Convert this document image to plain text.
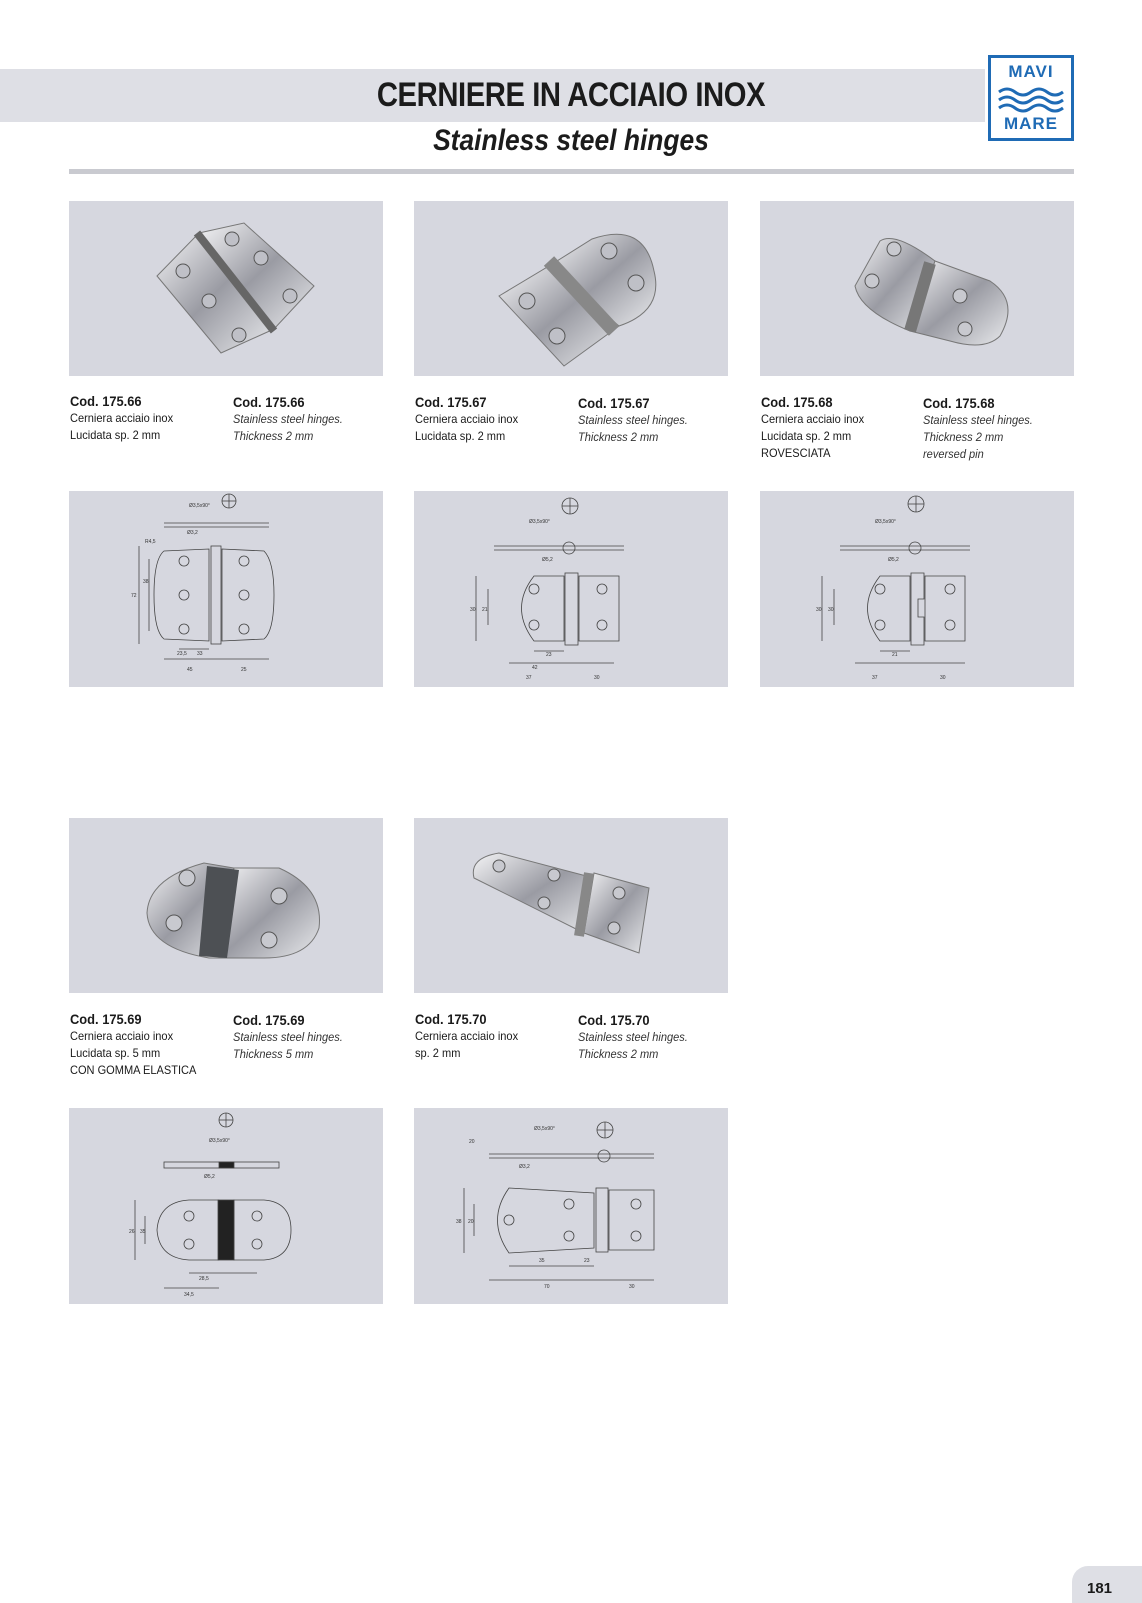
CERNIERE IN ACCIAIO INOX
Stainless steel hinges
MAVI
MARE
Cod. 175.66
Cerniera acciaio inox
Lucidata sp. 2 mm
Cod. 175.66
Stainless steel hinges.
Thickness 2 mm
Cod. 175.67
Cerniera acciaio inox
Lucidata sp. 2 mm
Cod. 175.67
Stainless steel hinges.
Thickness 2 mm
Cod. 175.68
Cerniera acciaio inox
Lucidata sp. 2 mm
ROVESCIATA
Cod. 175.68
Stainless steel hinges.
Thickness 2 mm
reversed pin
Ø3,5x90°
Ø3,2
R4,5
72
38
23,5 33
45	25
Ø3,5x90°
Ø5,2
30 21
42
23
37	30
Ø3,5x90°
Ø5,2
30 30
21
37	30
Cod. 175.69
Cerniera acciaio inox
Lucidata sp. 5 mm
CON GOMMA ELASTICA
Cod. 175.69
Stainless steel hinges.
Thickness 5 mm
Cod. 175.70
Cerniera acciaio inox
sp. 2 mm
Cod. 175.70
Stainless steel hinges.
Thickness 2 mm
Ø3,5x90°
Ø5,2
26 35
28,5
34,5
Ø3,5x90°
Ø3,2
20
38 20
35	23
70	30
181
